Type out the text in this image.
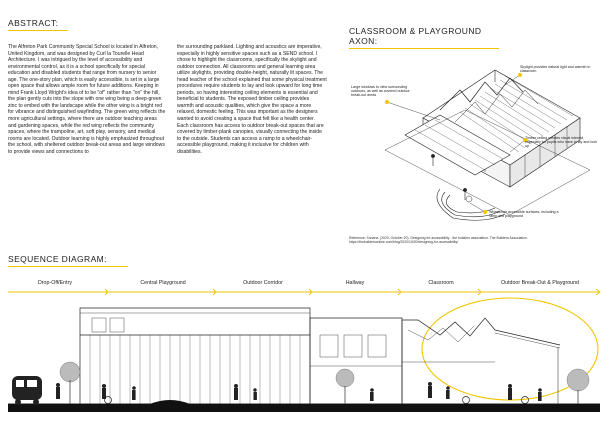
ABSTRACT:
The Alfreton Park Community Special School is located in Alfreton, United Kingdom, and was designed by Curl la Tourelle Head Architecture. I was intrigued by the level of accessibility and environmental control, as it is a school specifically for special education and disabled students that range from nursery to senior age. The one-story plan, which is easily accessible, is set in a large open space that allows ample room for future additions. Keeping in mind Frank Lloyd Wright's idea of to be "of" rather than "on" the hill, the plan gently cuts into the slope with one wing being a deep-green zinc to embed with the landscape while the other wing is a bright red for vibrance and distinguished wayfinding. The green wing reflects the more agricultural settings, where there are outdoor teaching areas and gardening spaces, while the red wing reflects the community spaces, where the trampoline, art, soft play, sensory, and medical rooms are located. Outdoor learning is highly emphasized throughout the school, with sheltered outdoor break-out areas and large windows to provide views and connections to
the surrounding parkland. Lighting and acoustics are imperative, especially in highly sensitive spaces such as a SEND school. I chose to highlight the classrooms, specifically the skylight and outdoor connection. All classrooms and general learning area utilize skylights, providing double-height, naturally lit spaces. The head teacher of the school explained that some physical treatment procedures require students to lay and look upward for long time periods, so having interesting ceiling elements is essential and beneficial to students. The exposed timber ceiling provides warmth and acoustic qualities, which give the space a more relaxed, domestic feeling. This was important as the designers wanted to avoid creating a space that felt like a health center. Each classroom has access to outdoor break-out spaces that are covered by timber-plank canopies, visually connecting the inside to the outside. Students can access a ramp to a wheelchair-accessible playground, making it inclusive for children with disabilities.
CLASSROOM & PLAYGROUND AXON:
Large windows to view surrounding outdoors, as well as covered outdoor break-out areas
Skylight provides natural light and warmth in classroom
Timber ceiling creates visual interest, especially for pupils who have to lay and look up
Wheelchair accessible surfaces, including a ramp and playground
Reference: Sunana. (2020, October 20). Designing for accessibility - the builders association. The Builders Association. https://thebuildersonline.com/blog/2020/10/20/designing-for-accessibility/
SEQUENCE DIAGRAM:
Drop-Off/Entry	Central Playground	Outdoor Corridor	Hallway	Classroom	Outdoor Break-Out & Playground
